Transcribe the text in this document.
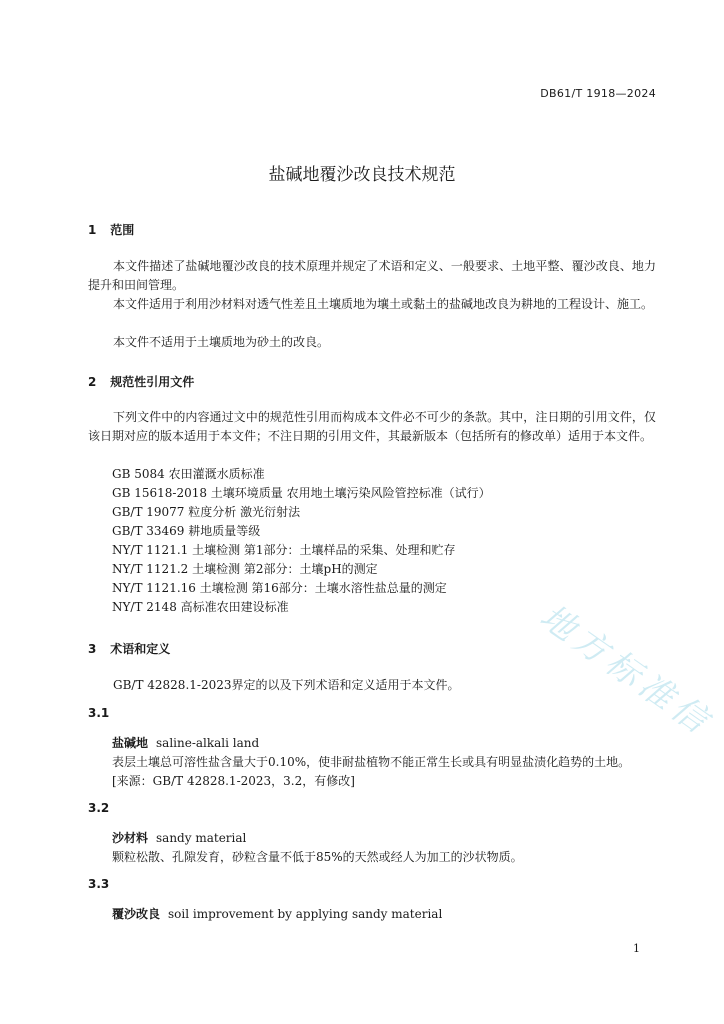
地方标准信
DB61/T 1918—2024
盐碱地覆沙改良技术规范
1 范围
本文件描述了盐碱地覆沙改良的技术原理并规定了术语和定义、一般要求、土地平整、覆沙改良、地力提升和田间管理。
本文件适用于利用沙材料对透气性差且土壤质地为壤土或黏土的盐碱地改良为耕地的工程设计、施工。
本文件不适用于土壤质地为砂土的改良。
2 规范性引用文件
下列文件中的内容通过文中的规范性引用而构成本文件必不可少的条款。其中，注日期的引用文件，仅该日期对应的版本适用于本文件；不注日期的引用文件，其最新版本（包括所有的修改单）适用于本文件。
GB 5084 农田灌溉水质标准
GB 15618-2018 土壤环境质量 农用地土壤污染风险管控标准（试行）
GB/T 19077 粒度分析 激光衍射法
GB/T 33469 耕地质量等级
NY/T 1121.1 土壤检测 第1部分：土壤样品的采集、处理和贮存
NY/T 1121.2 土壤检测 第2部分：土壤pH的测定
NY/T 1121.16 土壤检测 第16部分：土壤水溶性盐总量的测定
NY/T 2148 高标准农田建设标准
3 术语和定义
GB/T 42828.1-2023界定的以及下列术语和定义适用于本文件。
3.1
盐碱地 saline-alkali land
表层土壤总可溶性盐含量大于0.10%，使非耐盐植物不能正常生长或具有明显盐渍化趋势的土地。
[来源：GB/T 42828.1-2023，3.2，有修改]
3.2
沙材料 sandy material
颗粒松散、孔隙发育，砂粒含量不低于85%的天然或经人为加工的沙状物质。
3.3
覆沙改良 soil improvement by applying sandy material
1
